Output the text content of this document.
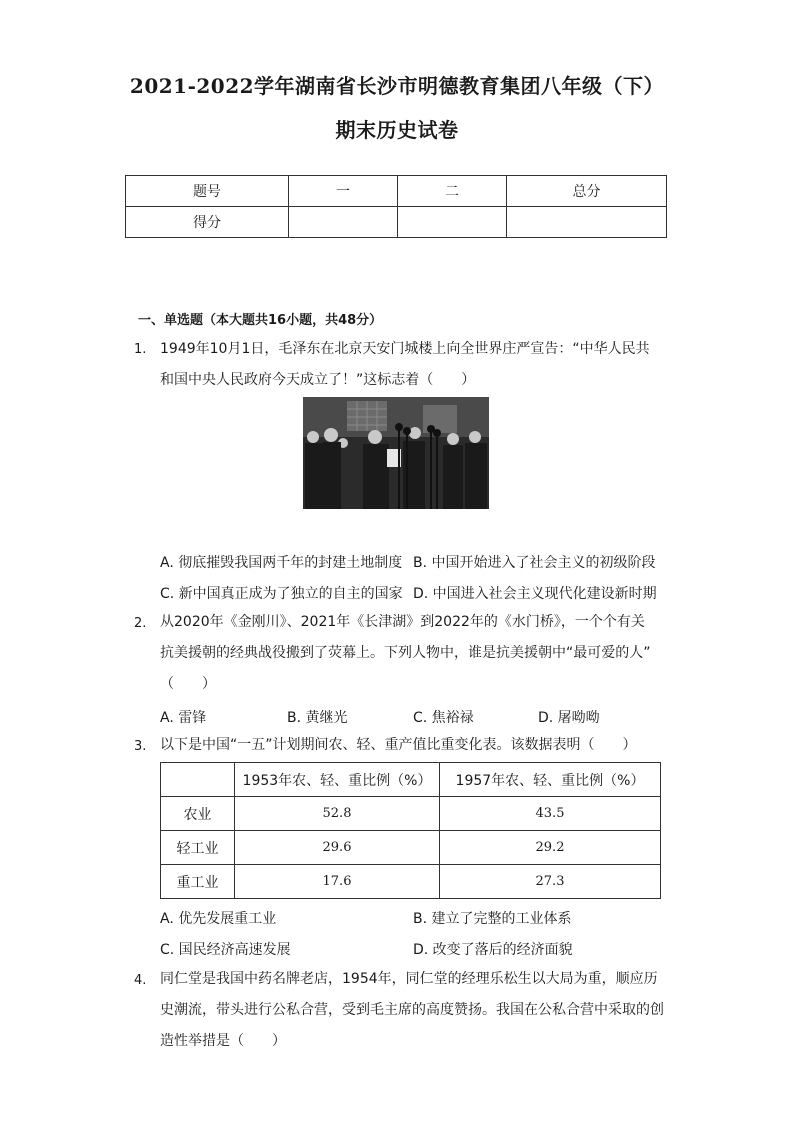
2021-2022学年湖南省长沙市明德教育集团八年级（下）
期末历史试卷
题号	一	二	总分
得分			
一、单选题（本大题共16小题，共48分）
1. 1949年10月1日，毛泽东在北京天安门城楼上向全世界庄严宣告：“中华人民共
和国中央人民政府今天成立了！”这标志着（　　）
A. 彻底摧毁我国两千年的封建土地制度 B. 中国开始进入了社会主义的初级阶段
C. 新中国真正成为了独立的自主的国家 D. 中国进入社会主义现代化建设新时期
2. 从2020年《金刚川》、2021年《长津湖》到2022年的《水门桥》，一个个有关
抗美援朝的经典战役搬到了荧幕上。下列人物中，谁是抗美援朝中“最可爱的人”
（　　）
A. 雷锋	B. 黄继光	C. 焦裕禄	D. 屠呦呦
3. 以下是中国“一五”计划期间农、轻、重产值比重变化表。该数据表明（　　）
	1953年农、轻、重比例（%）	1957年农、轻、重比例（%）
农业	52.8	43.5
轻工业	29.6	29.2
重工业	17.6	27.3
A. 优先发展重工业	B. 建立了完整的工业体系
C. 国民经济高速发展	D. 改变了落后的经济面貌
4. 同仁堂是我国中药名牌老店，1954年，同仁堂的经理乐松生以大局为重，顺应历
史潮流，带头进行公私合营，受到毛主席的高度赞扬。我国在公私合营中采取的创
造性举措是（　　）
